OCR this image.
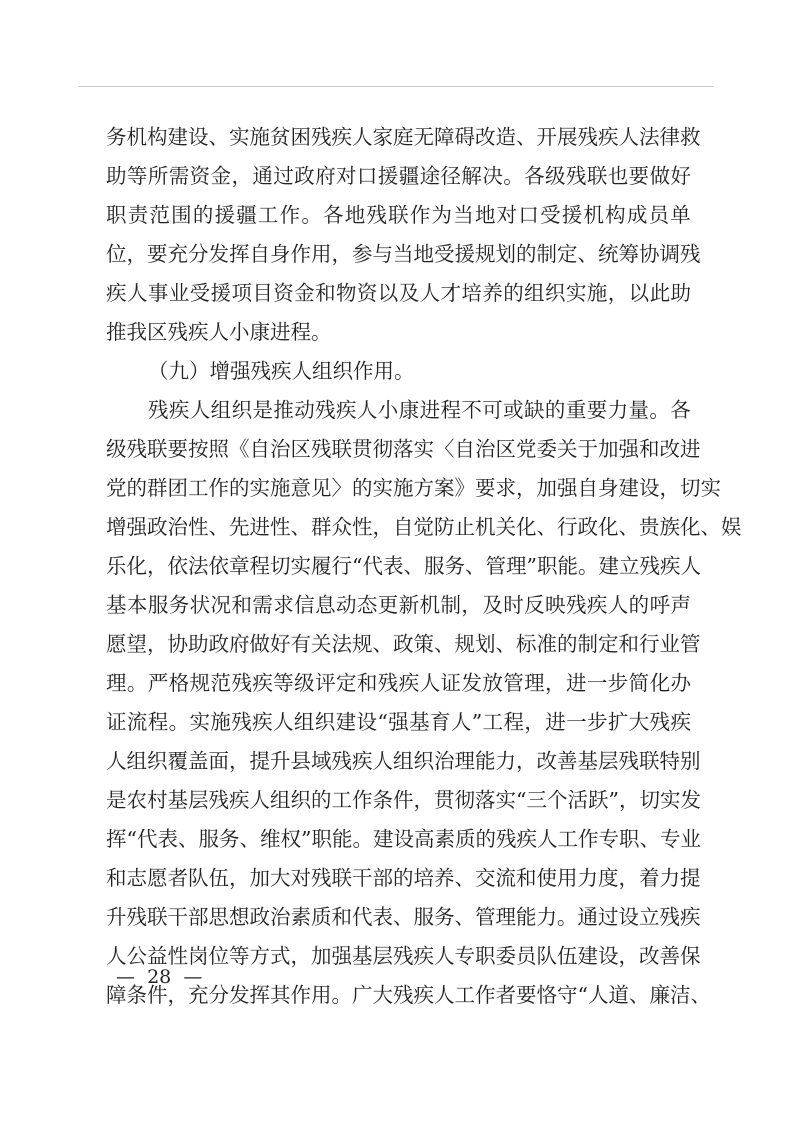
务 机 构 建 设 、 实 施 贫 困 残 疾 人 家 庭 无 障 碍 改 造 、 开 展 残 疾 人 法 律 救
助 等 所 需 资 金 ， 通 过 政 府 对 口 援 疆 途 径 解 决 。 各 级 残 联 也 要 做 好
职 责 范 围 的 援 疆 工 作 。 各 地 残 联 作 为 当 地 对 口 受 援 机 构 成 员 单
位 ， 要 充 分 发 挥 自 身 作 用 ， 参 与 当 地 受 援 规 划 的 制 定 、 统 筹 协 调 残
疾 人 事 业 受 援 项 目 资 金 和 物 资 以 及 人 才 培 养 的 组 织 实 施 ， 以 此 助
推我区残疾人小康进程。
（九）增强残疾人组织作用。
残 疾 人 组 织 是 推 动 残 疾 人 小 康 进 程 不 可 或 缺 的 重 要 力 量 。 各
级 残 联 要 按 照 《 自 治 区 残 联 贯 彻 落 实 〈 自 治 区 党 委 关 于 加 强 和 改 进
党 的 群 团 工 作 的 实 施 意 见 〉 的 实 施 方 案 》 要 求 ， 加 强 自 身 建 设 ， 切 实
增 强 政 治 性 、 先 进 性 、 群 众 性 ， 自 觉 防 止 机 关 化 、 行 政 化 、 贵 族 化 、 娱
乐 化 ， 依 法 依 章 程 切 实 履 行 “ 代 表 、 服 务 、 管 理 ” 职 能 。 建 立 残 疾 人
基 本 服 务 状 况 和 需 求 信 息 动 态 更 新 机 制 ， 及 时 反 映 残 疾 人 的 呼 声
愿 望 ， 协 助 政 府 做 好 有 关 法 规 、 政 策 、 规 划 、 标 准 的 制 定 和 行 业 管
理 。 严 格 规 范 残 疾 等 级 评 定 和 残 疾 人 证 发 放 管 理 ， 进 一 步 简 化 办
证 流 程 。 实 施 残 疾 人 组 织 建 设 “ 强 基 育 人 ” 工 程 ， 进 一 步 扩 大 残 疾
人 组 织 覆 盖 面 ， 提 升 县 域 残 疾 人 组 织 治 理 能 力 ， 改 善 基 层 残 联 特 别
是 农 村 基 层 残 疾 人 组 织 的 工 作 条 件 ， 贯 彻 落 实 “ 三 个 活 跃 ” ， 切 实 发
挥 “ 代 表 、 服 务 、 维 权 ” 职 能 。 建 设 高 素 质 的 残 疾 人 工 作 专 职 、 专 业
和 志 愿 者 队 伍 ， 加 大 对 残 联 干 部 的 培 养 、 交 流 和 使 用 力 度 ， 着 力 提
升 残 联 干 部 思 想 政 治 素 质 和 代 表 、 服 务 、 管 理 能 力 。 通 过 设 立 残 疾
人 公 益 性 岗 位 等 方 式 ， 加 强 基 层 残 疾 人 专 职 委 员 队 伍 建 设 ， 改 善 保
障 条 件 ， 充 分 发 挥 其 作 用 。 广 大 残 疾 人 工 作 者 要 恪 守 “ 人 道 、 廉 洁 、
—  28  —
